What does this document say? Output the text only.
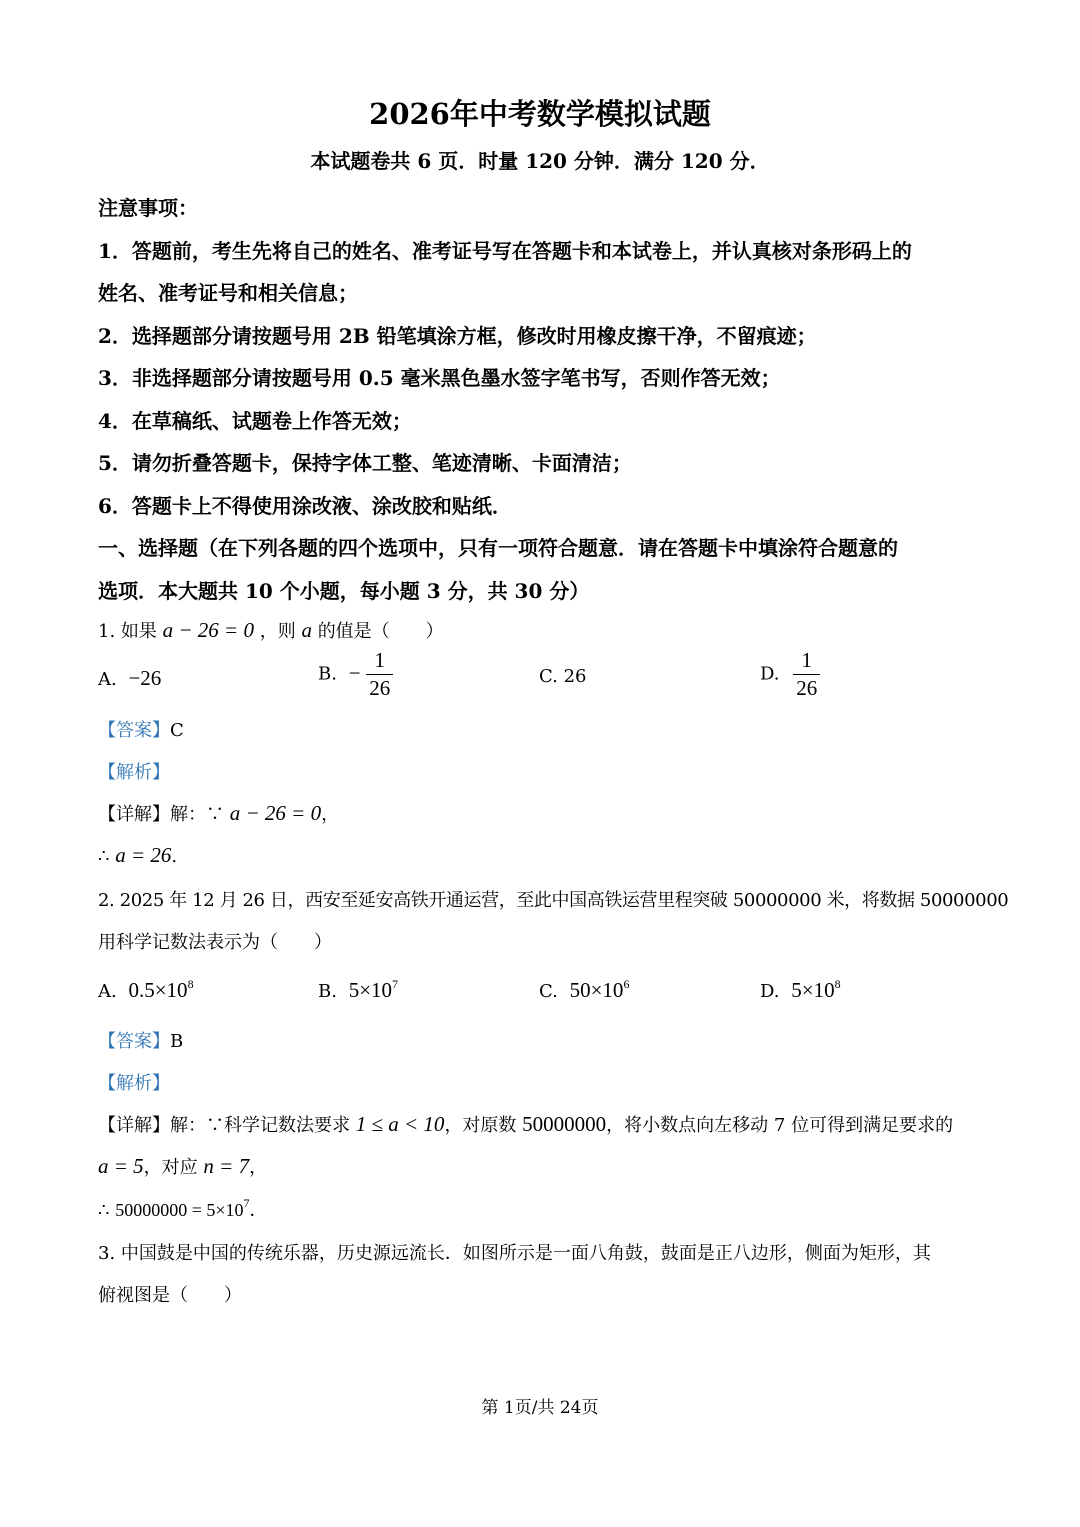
2026年中考数学模拟试题
本试题卷共 6 页．时量 120 分钟．满分 120 分．
注意事项：
1．答题前，考生先将自己的姓名、准考证号写在答题卡和本试卷上，并认真核对条形码上的
姓名、准考证号和相关信息；
2．选择题部分请按题号用 2B 铅笔填涂方框，修改时用橡皮擦干净，不留痕迹；
3．非选择题部分请按题号用 0.5 毫米黑色墨水签字笔书写，否则作答无效；
4．在草稿纸、试题卷上作答无效；
5．请勿折叠答题卡，保持字体工整、笔迹清晰、卡面清洁；
6．答题卡上不得使用涂改液、涂改胶和贴纸．
一、选择题（在下列各题的四个选项中，只有一项符合题意．请在答题卡中填涂符合题意的
选项．本大题共 10 个小题，每小题 3 分，共 30 分）
1. 如果 a − 26 = 0 ，则 a 的值是（　　）
A. −26	B. − $\frac{1}{26}$	C. 26	D. $\frac{1}{26}$
【答案】C
【解析】
【详解】解：∵ a − 26 = 0，
∴ a = 26.
2. 2025 年 12 月 26 日，西安至延安高铁开通运营，至此中国高铁运营里程突破 50000000 米，将数据 50000000
用科学记数法表示为（　　）
A. $0.5\times 10^8$	B. $5\times 10^7$	C. $50\times 10^6$	D. $5\times 10^8$
【答案】B
【解析】
【详解】解：∵科学记数法要求 1 ≤ a < 10，对原数 50000000，将小数点向左移动 7 位可得到满足要求的
a = 5，对应 n = 7，
∴ $50000000 = 5\times 10^7$．
3. 中国鼓是中国的传统乐器，历史源远流长．如图所示是一面八角鼓，鼓面是正八边形，侧面为矩形，其
俯视图是（　　）
第 1页/共 24页
